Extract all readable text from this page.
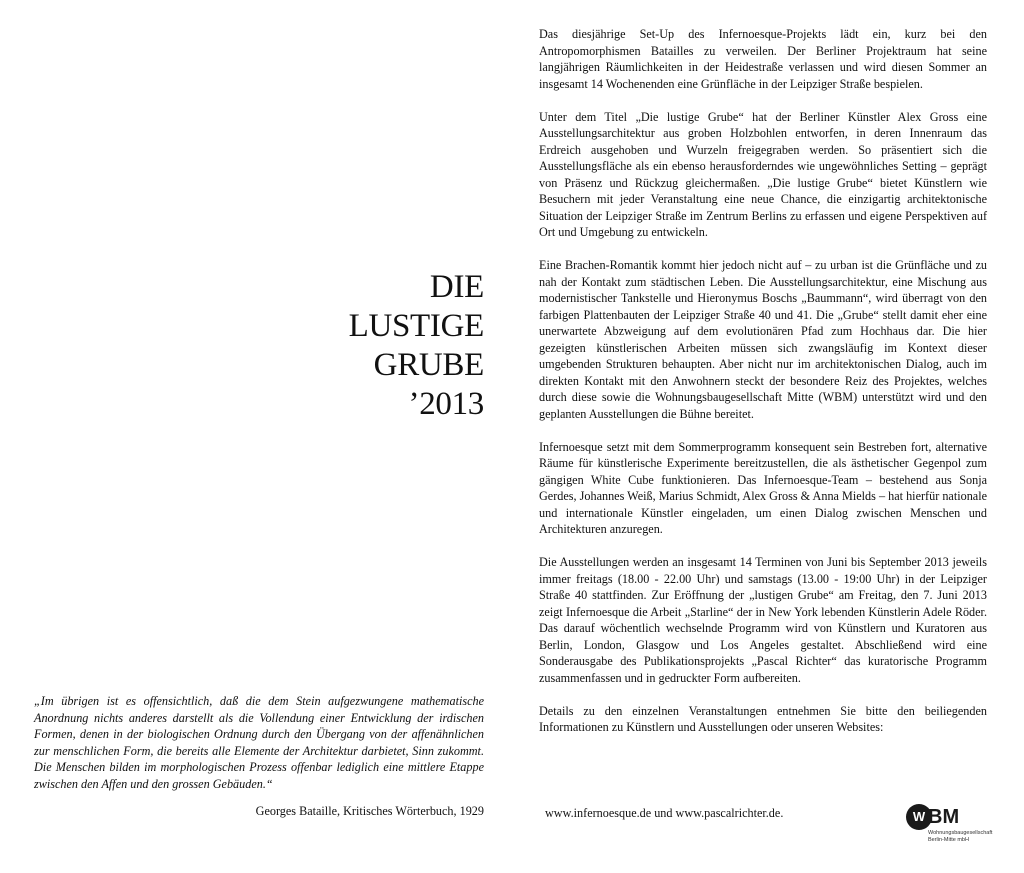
DIE
LUSTIGE
GRUBE
’2013
„Im übrigen ist es offensichtlich, daß die dem Stein aufgezwungene mathematische Anordnung nichts anderes darstellt als die Vollendung einer Entwicklung der irdischen Formen, denen in der biologischen Ordnung durch den Übergang von der affenähnlichen zur menschlichen Form, die bereits alle Elemente der Architektur darbietet, Sinn zukommt. Die Menschen bilden im morphologischen Prozess offenbar lediglich eine mittlere Etappe zwischen den Affen und den grossen Gebäuden.“
Georges Bataille, Kritisches Wörterbuch, 1929

Das diesjährige Set-Up des Infernoesque-Projekts lädt ein, kurz bei den Antropomorphismen Batailles zu verweilen. Der Berliner Projektraum hat seine langjährigen Räumlichkeiten in der Heidestraße verlassen und wird diesen Sommer an insgesamt 14 Wochenenden eine Grünfläche in der Leipziger Straße bespielen.

Unter dem Titel „Die lustige Grube“ hat der Berliner Künstler Alex Gross eine Ausstellungsarchitektur aus groben Holzbohlen entworfen, in deren Innenraum das Erdreich ausgehoben und Wurzeln freigegraben werden. So präsentiert sich die Ausstellungsfläche als ein ebenso herausforderndes wie ungewöhnliches Setting – geprägt von Präsenz und Rückzug gleichermaßen. „Die lustige Grube“ bietet Künstlern wie Besuchern mit jeder Veranstaltung eine neue Chance, die einzigartig architektonische Situation der Leipziger Straße im Zentrum Berlins zu erfassen und eigene Perspektiven auf Ort und Umgebung zu entwickeln.

Eine Brachen-Romantik kommt hier jedoch nicht auf – zu urban ist die Grünfläche und zu nah der Kontakt zum städtischen Leben. Die Ausstellungsarchitektur, eine Mischung aus modernistischer Tankstelle und Hieronymus Boschs „Baummann“, wird überragt von den farbigen Plattenbauten der Leipziger Straße 40 und 41. Die „Grube“ stellt damit eher eine unerwartete Abzweigung auf dem evolutionären Pfad zum Hochhaus dar. Die hier gezeigten künstlerischen Arbeiten müssen sich zwangsläufig im Kontext dieser umgebenden Strukturen behaupten. Aber nicht nur im architektonischen Dialog, auch im direkten Kontakt mit den Anwohnern steckt der besondere Reiz des Projektes, welches durch diese sowie die Wohnungsbaugesellschaft Mitte (WBM) unterstützt wird und den geplanten Ausstellungen die Bühne bereitet.

Infernoesque setzt mit dem Sommerprogramm konsequent sein Bestreben fort, alternative Räume für künstlerische Experimente bereitzustellen, die als ästhetischer Gegenpol zum gängigen White Cube funktionieren. Das Infernoesque-Team – bestehend aus Sonja Gerdes, Johannes Weiß, Marius Schmidt, Alex Gross & Anna Mields – hat hierfür nationale und internationale Künstler eingeladen, um einen Dialog zwischen Menschen und Architekturen anzuregen.

Die Ausstellungen werden an insgesamt 14 Terminen von Juni bis September 2013 jeweils immer freitags (18.00 - 22.00 Uhr) und samstags (13.00 - 19:00 Uhr) in der Leipziger Straße 40 stattfinden. Zur Eröffnung der „lustigen Grube“ am Freitag, den 7. Juni 2013 zeigt Infernoesque die Arbeit „Starline“ der in New York lebenden Künstlerin Adele Röder. Das darauf wöchentlich wechselnde Programm wird von Künstlern und Kuratoren aus Berlin, London, Glasgow und Los Angeles gestaltet. Abschließend wird eine Sonderausgabe des Publikationsprojekts „Pascal Richter“ das kuratorische Programm zusammenfassen und in gedruckter Form aufbereiten.

Details zu den einzelnen Veranstaltungen entnehmen Sie bitte den beiliegenden Informationen zu Künstlern und Ausstellungen oder unseren Websites:

www.infernoesque.de und www.pascalrichter.de.	W BM
Wohnungsbaugesellschaft
Berlin-Mitte mbH
